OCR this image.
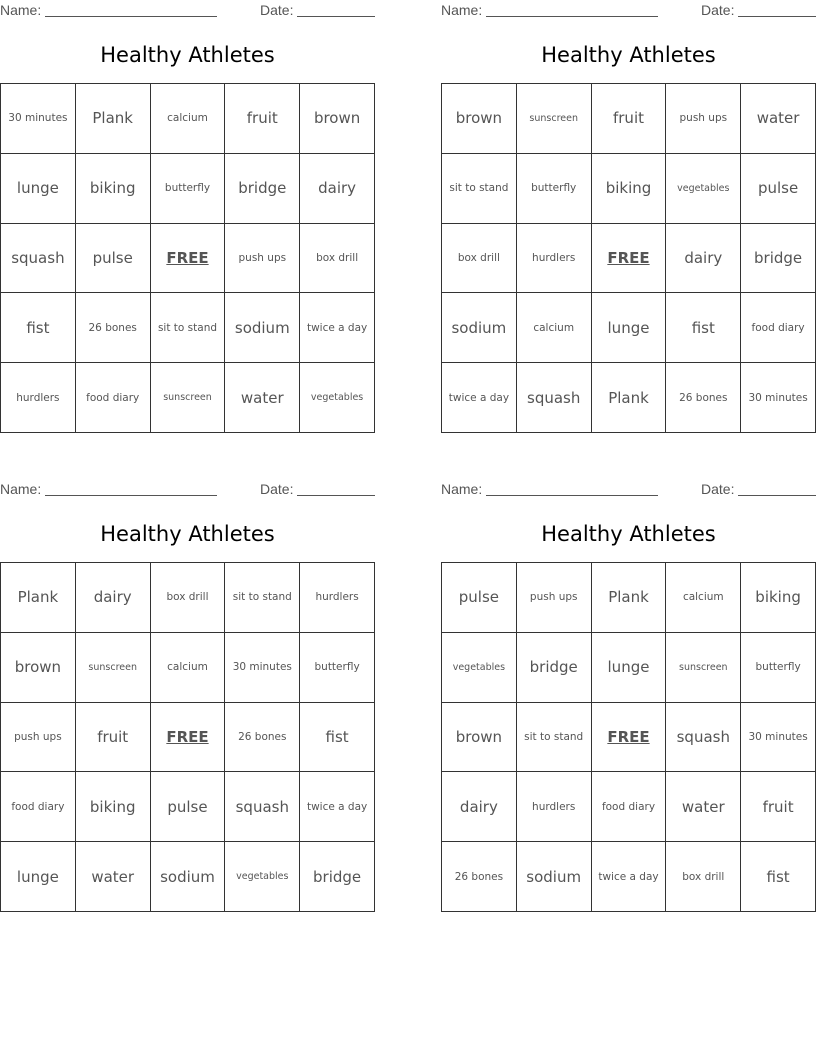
Name:	Date:
Healthy Athletes
30 minutes	Plank	calcium	fruit	brown
lunge	biking	butterfly	bridge	dairy
squash	pulse	FREE	push ups	box drill
fist	26 bones	sit to stand	sodium	twice a day
hurdlers	food diary	sunscreen	water	vegetables
Name:	Date:
Healthy Athletes
brown	sunscreen	fruit	push ups	water
sit to stand	butterfly	biking	vegetables	pulse
box drill	hurdlers	FREE	dairy	bridge
sodium	calcium	lunge	fist	food diary
twice a day	squash	Plank	26 bones	30 minutes
Name:	Date:
Healthy Athletes
Plank	dairy	box drill	sit to stand	hurdlers
brown	sunscreen	calcium	30 minutes	butterfly
push ups	fruit	FREE	26 bones	fist
food diary	biking	pulse	squash	twice a day
lunge	water	sodium	vegetables	bridge
Name:	Date:
Healthy Athletes
pulse	push ups	Plank	calcium	biking
vegetables	bridge	lunge	sunscreen	butterfly
brown	sit to stand	FREE	squash	30 minutes
dairy	hurdlers	food diary	water	fruit
26 bones	sodium	twice a day	box drill	fist
